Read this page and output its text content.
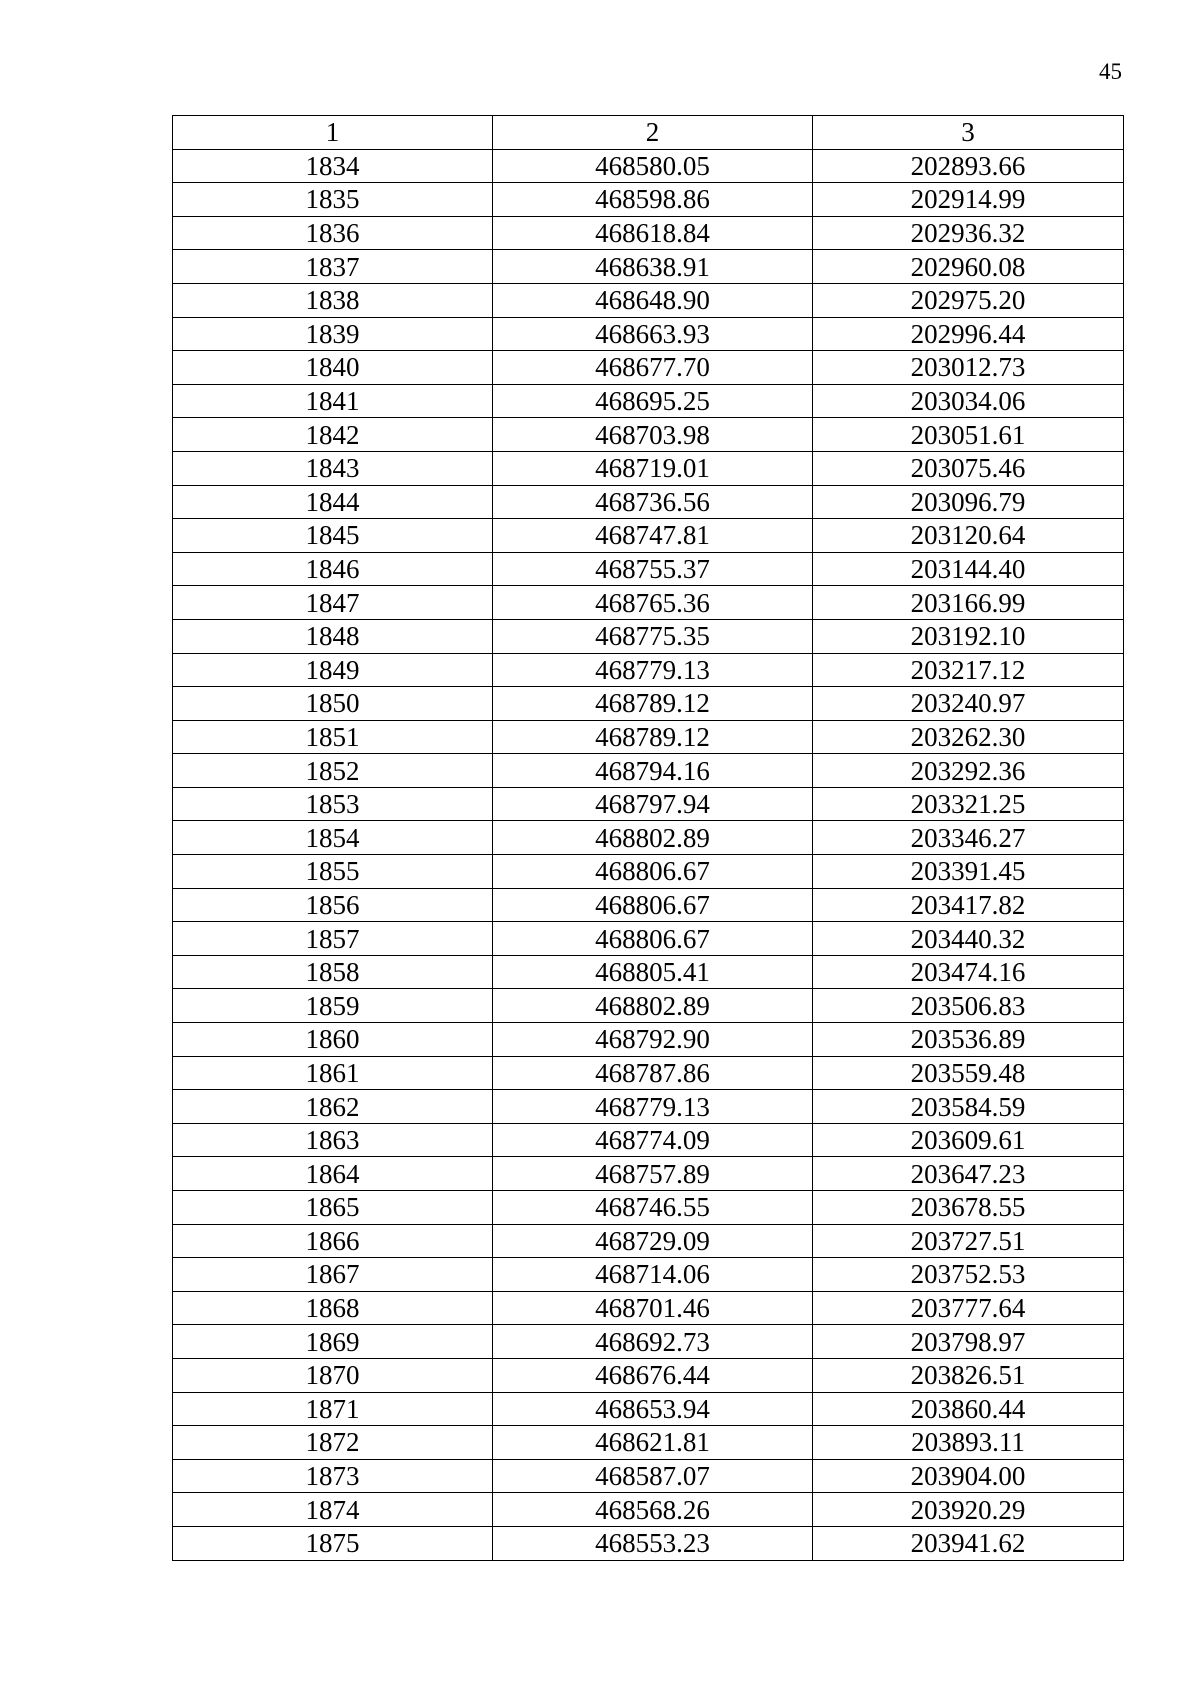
45
1	2	3
1834	468580.05	202893.66
1835	468598.86	202914.99
1836	468618.84	202936.32
1837	468638.91	202960.08
1838	468648.90	202975.20
1839	468663.93	202996.44
1840	468677.70	203012.73
1841	468695.25	203034.06
1842	468703.98	203051.61
1843	468719.01	203075.46
1844	468736.56	203096.79
1845	468747.81	203120.64
1846	468755.37	203144.40
1847	468765.36	203166.99
1848	468775.35	203192.10
1849	468779.13	203217.12
1850	468789.12	203240.97
1851	468789.12	203262.30
1852	468794.16	203292.36
1853	468797.94	203321.25
1854	468802.89	203346.27
1855	468806.67	203391.45
1856	468806.67	203417.82
1857	468806.67	203440.32
1858	468805.41	203474.16
1859	468802.89	203506.83
1860	468792.90	203536.89
1861	468787.86	203559.48
1862	468779.13	203584.59
1863	468774.09	203609.61
1864	468757.89	203647.23
1865	468746.55	203678.55
1866	468729.09	203727.51
1867	468714.06	203752.53
1868	468701.46	203777.64
1869	468692.73	203798.97
1870	468676.44	203826.51
1871	468653.94	203860.44
1872	468621.81	203893.11
1873	468587.07	203904.00
1874	468568.26	203920.29
1875	468553.23	203941.62
